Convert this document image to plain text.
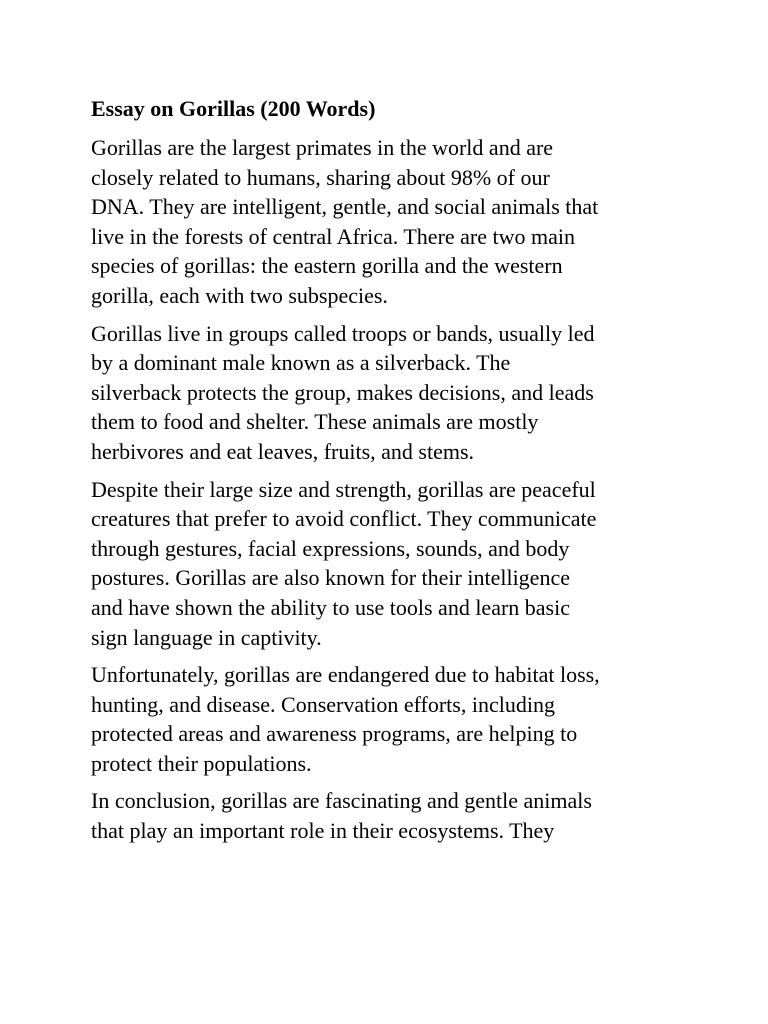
Essay on Gorillas (200 Words)
Gorillas are the largest primates in the world and are
closely related to humans, sharing about 98% of our
DNA. They are intelligent, gentle, and social animals that
live in the forests of central Africa. There are two main
species of gorillas: the eastern gorilla and the western
gorilla, each with two subspecies.
Gorillas live in groups called troops or bands, usually led
by a dominant male known as a silverback. The
silverback protects the group, makes decisions, and leads
them to food and shelter. These animals are mostly
herbivores and eat leaves, fruits, and stems.
Despite their large size and strength, gorillas are peaceful
creatures that prefer to avoid conflict. They communicate
through gestures, facial expressions, sounds, and body
postures. Gorillas are also known for their intelligence
and have shown the ability to use tools and learn basic
sign language in captivity.
Unfortunately, gorillas are endangered due to habitat loss,
hunting, and disease. Conservation efforts, including
protected areas and awareness programs, are helping to
protect their populations.
In conclusion, gorillas are fascinating and gentle animals
that play an important role in their ecosystems. They
